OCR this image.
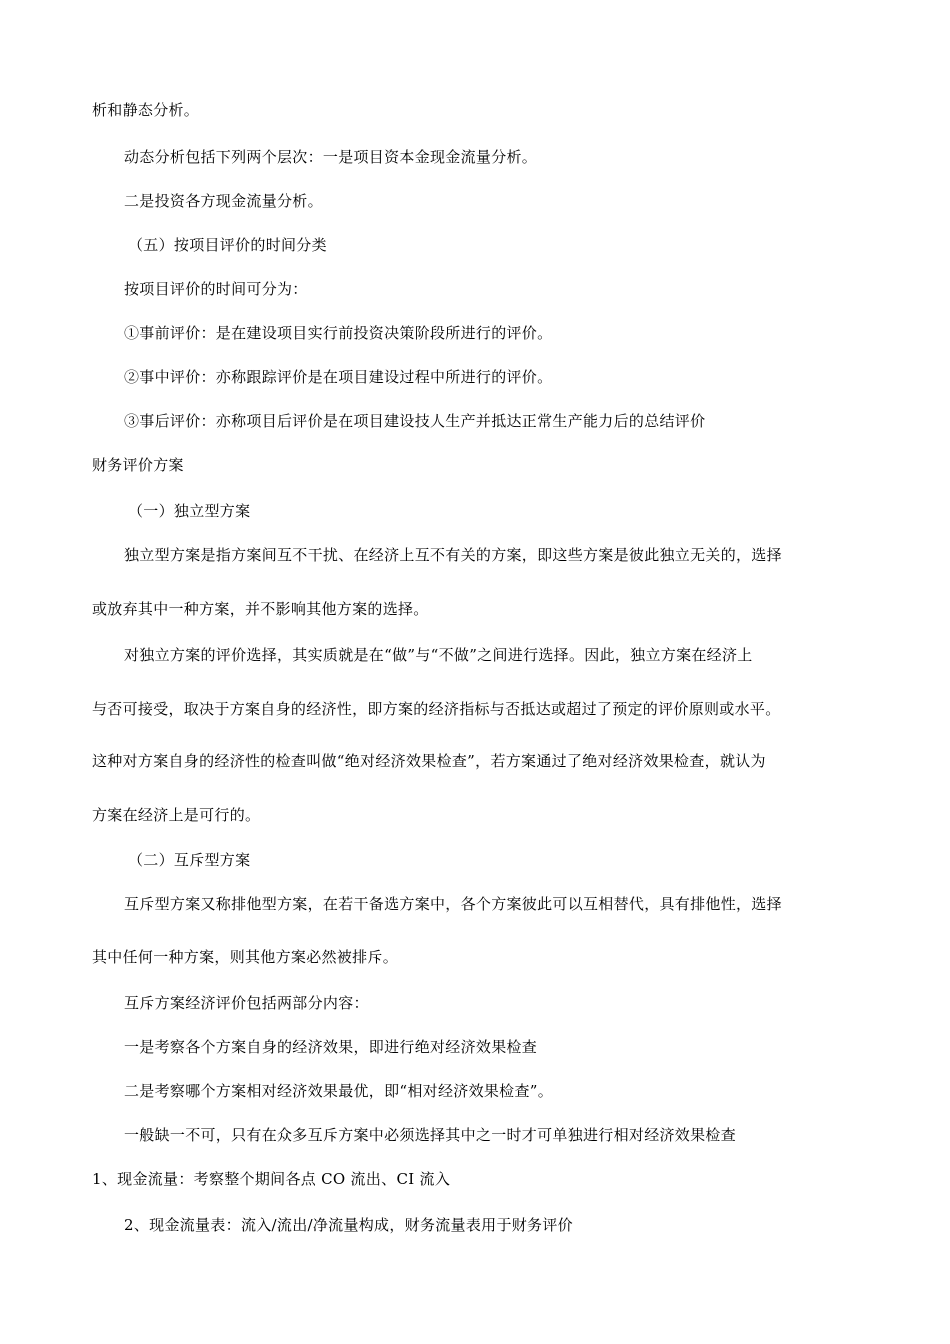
析和静态分析。
动态分析包括下列两个层次：一是项目资本金现金流量分析。
二是投资各方现金流量分析。
（五）按项目评价的时间分类
按项目评价的时间可分为：
①事前评价：是在建设项目实行前投资决策阶段所进行的评价。
②事中评价：亦称跟踪评价是在项目建设过程中所进行的评价。
③事后评价：亦称项目后评价是在项目建设技人生产并抵达正常生产能力后的总结评价
财务评价方案
（一）独立型方案
独立型方案是指方案间互不干扰、在经济上互不有关的方案，即这些方案是彼此独立无关的，选择
或放弃其中一种方案，并不影响其他方案的选择。
对独立方案的评价选择，其实质就是在“做”与“不做”之间进行选择。因此，独立方案在经济上
与否可接受，取决于方案自身的经济性，即方案的经济指标与否抵达或超过了预定的评价原则或水平。
这种对方案自身的经济性的检查叫做“绝对经济效果检查”，若方案通过了绝对经济效果检查，就认为
方案在经济上是可行的。
（二）互斥型方案
互斥型方案又称排他型方案，在若干备选方案中，各个方案彼此可以互相替代，具有排他性，选择
其中任何一种方案，则其他方案必然被排斥。
互斥方案经济评价包括两部分内容：
一是考察各个方案自身的经济效果，即进行绝对经济效果检查
二是考察哪个方案相对经济效果最优，即“相对经济效果检查”。
一般缺一不可，只有在众多互斥方案中必须选择其中之一时才可单独进行相对经济效果检查
1、现金流量：考察整个期间各点 CO 流出、CI 流入
2、现金流量表：流入/流出/净流量构成，财务流量表用于财务评价
